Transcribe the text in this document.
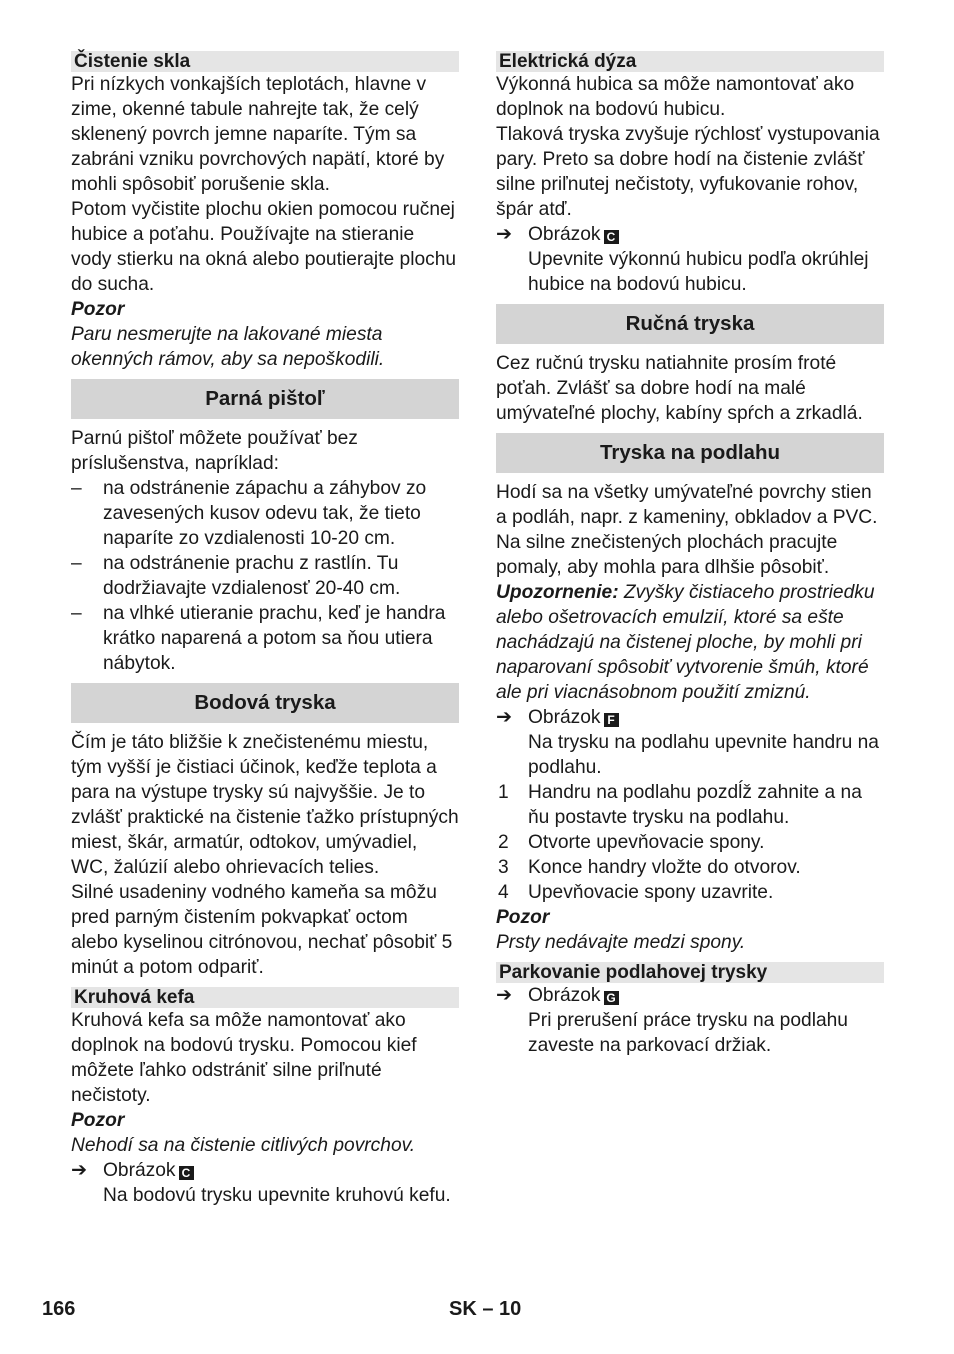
Čistenie skla

Pri nízkych vonkajších teplotách, hlavne v zime, okenné tabule nahrejte tak, že celý sklenený povrch jemne naparíte. Tým sa zabráni vzniku povrchových napätí, ktoré by mohli spôsobiť porušenie skla.

Potom vyčistite plochu okien pomocou ručnej hubice a poťahu. Používajte na stieranie vody stierku na okná alebo poutierajte plochu do sucha.

Pozor

Paru nesmerujte na lakované miesta okenných rámov, aby sa nepoškodili.

Parná pištoľ

Parnú pištoľ môžete používať bez príslušenstva, napríklad:

– na odstránenie zápachu a záhybov zo zavesených kusov odevu tak, že tieto naparíte zo vzdialenosti 10-20 cm.
– na odstránenie prachu z rastlín. Tu dodržiavajte vzdialenosť 20-40 cm.
– na vlhké utieranie prachu, keď je handra krátko naparená a potom sa ňou utiera nábytok.
Bodová tryska

Čím je táto bližšie k znečistenému miestu, tým vyšší je čistiaci účinok, keďže teplota a para na výstupe trysky sú najvyššie. Je to zvlášť praktické na čistenie ťažko prístupných miest, škár, armatúr, odtokov, umývadiel, WC, žalúzií alebo ohrievacích telies.

Silné usadeniny vodného kameňa sa môžu pred parným čistením pokvapkať octom alebo kyselinou citrónovou, nechať pôsobiť 5 minút a potom odpariť.

Kruhová kefa

Kruhová kefa sa môže namontovať ako doplnok na bodovú trysku. Pomocou kief môžete ľahko odstrániť silne priľnuté nečistoty.

Pozor

Nehodí sa na čistenie citlivých povrchov.

➔ Obrázok C

Na bodovú trysku upevnite kruhovú kefu.

Elektrická dýza

Výkonná hubica sa môže namontovať ako doplnok na bodovú hubicu.

Tlaková tryska zvyšuje rýchlosť vystupovania pary. Preto sa dobre hodí na čistenie zvlášť silne priľnutej nečistoty, vyfukovanie rohov, špár atď.

➔ Obrázok C

Upevnite výkonnú hubicu podľa okrúhlej hubice na bodovú hubicu.

Ručná tryska

Cez ručnú trysku natiahnite prosím froté poťah. Zvlášť sa dobre hodí na malé umývateľné plochy, kabíny spŕch a zrkadlá.

Tryska na podlahu

Hodí sa na všetky umývateľné povrchy stien a podláh, napr. z kameniny, obkladov a PVC. Na silne znečistených plochách pracujte pomaly, aby mohla para dlhšie pôsobiť.

Upozornenie: Zvyšky čistiaceho prostriedku alebo ošetrovacích emulzií, ktoré sa ešte nachádzajú na čistenej ploche, by mohli pri naparovaní spôsobiť vytvorenie šmúh, ktoré ale pri viacnásobnom použití zmiznú.

➔ Obrázok F

Na trysku na podlahu upevnite handru na podlahu.

1 Handru na podlahu pozdĺž zahnite a na ňu postavte trysku na podlahu.
2 Otvorte upevňovacie spony.
3 Konce handry vložte do otvorov.
4 Upevňovacie spony uzavrite.

Pozor

Prsty nedávajte medzi spony.

Parkovanie podlahovej trysky
➔ Obrázok G

Pri prerušení práce trysku na podlahu zaveste na parkovací držiak.

166	SK – 10
